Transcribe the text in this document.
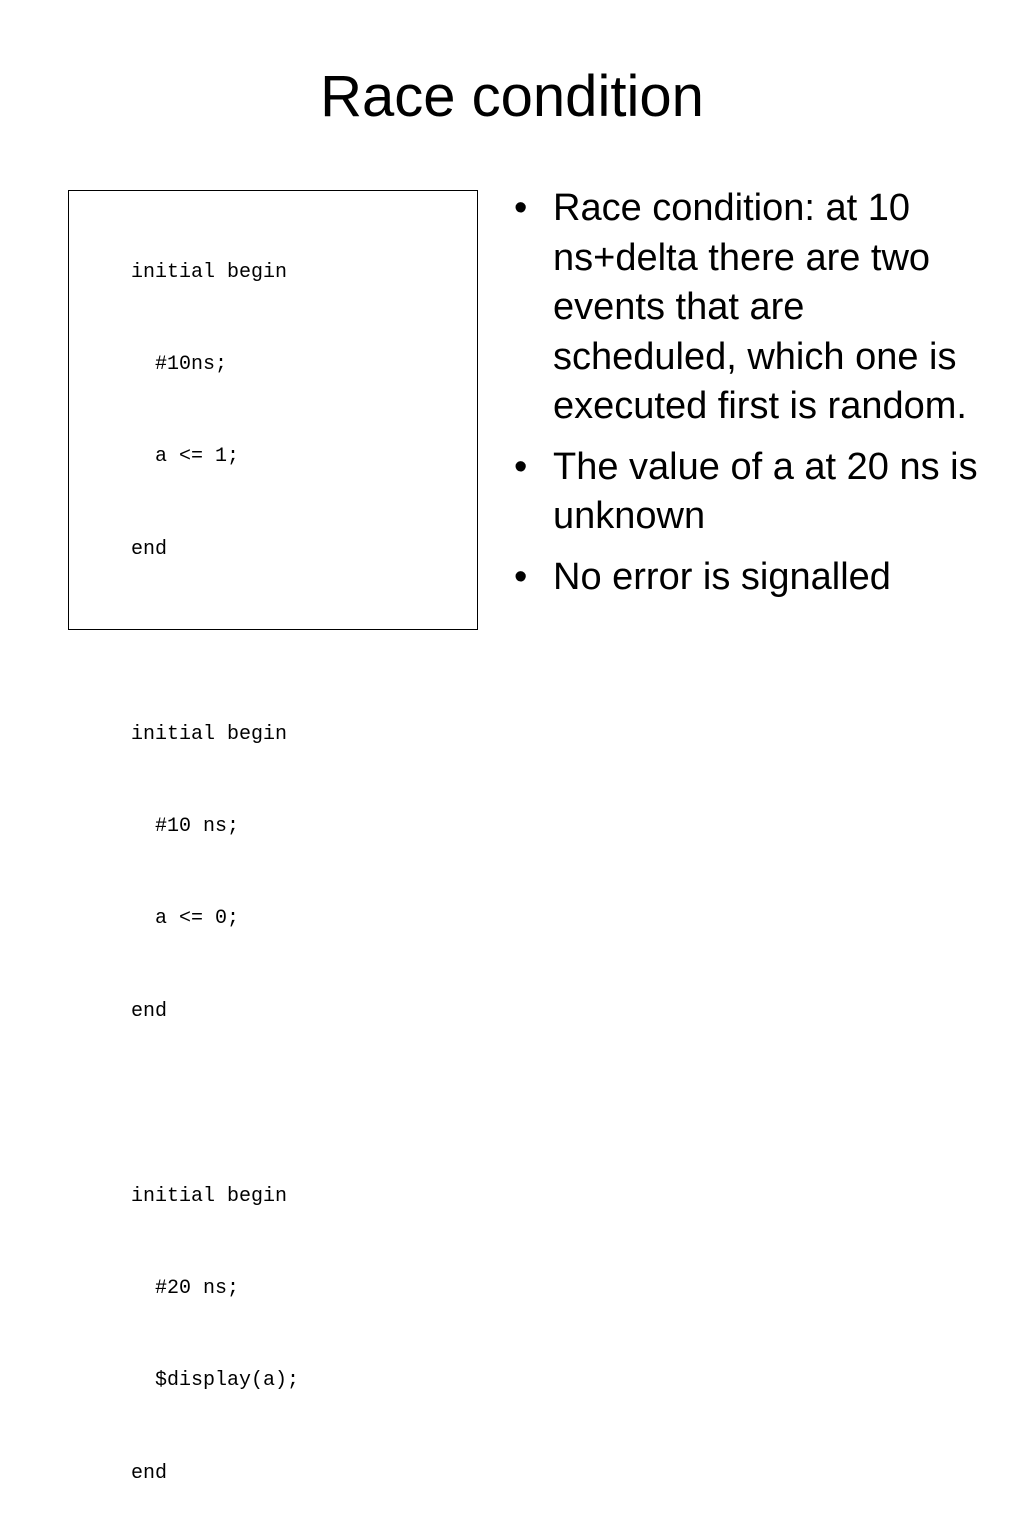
Race condition

initial begin

#10ns;

a <= 1;

end

initial begin

#10 ns;

a <= 0;

end

initial begin

#20 ns;

$display(a);

end

• Race condition: at 10 ns+delta there are two events that are scheduled, which one is executed first is random.
• The value of a at 20 ns is unknown
• No error is signalled
